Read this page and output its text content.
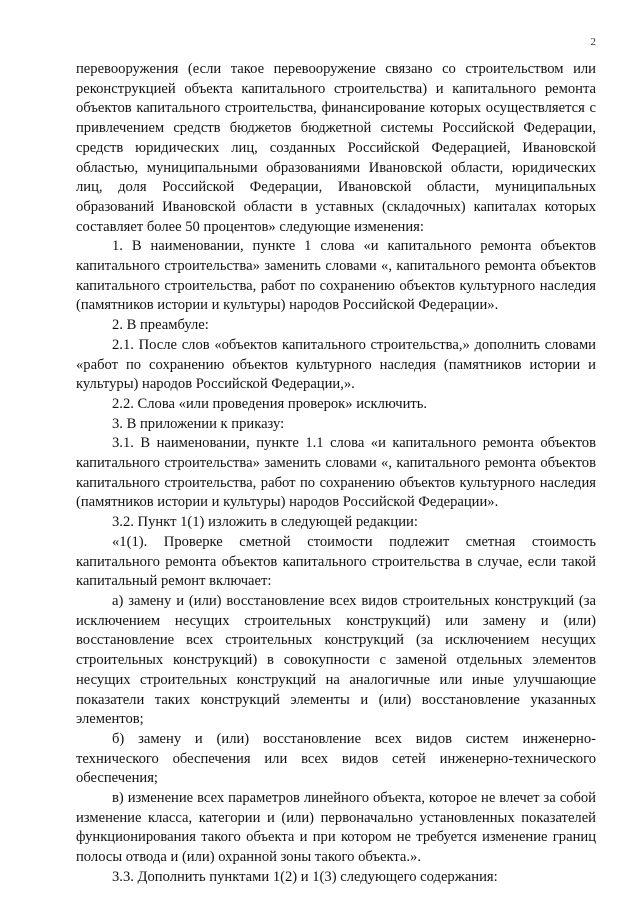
2

перевооружения (если такое перевооружение связано со строительством или реконструкцией объекта капитального строительства) и капитального ремонта объектов капитального строительства, финансирование которых осуществляется с привлечением средств бюджетов бюджетной системы Российской Федерации, средств юридических лиц, созданных Российской Федерацией, Ивановской областью, муниципальными образованиями Ивановской области, юридических лиц, доля Российской Федерации, Ивановской области, муниципальных образований Ивановской области в уставных (складочных) капиталах которых составляет более 50 процентов» следующие изменения:

1. В наименовании, пункте 1 слова «и капитального ремонта объектов капитального строительства» заменить словами «, капитального ремонта объектов капитального строительства, работ по сохранению объектов культурного наследия (памятников истории и культуры) народов Российской Федерации».

2. В преамбуле:

2.1. После слов «объектов капитального строительства,» дополнить словами «работ по сохранению объектов культурного наследия (памятников истории и культуры) народов Российской Федерации,».

2.2. Слова «или проведения проверок» исключить.

3. В приложении к приказу:

3.1. В наименовании, пункте 1.1 слова «и капитального ремонта объектов капитального строительства» заменить словами «, капитального ремонта объектов капитального строительства, работ по сохранению объектов культурного наследия (памятников истории и культуры) народов Российской Федерации».

3.2. Пункт 1(1) изложить в следующей редакции:

«1(1). Проверке сметной стоимости подлежит сметная стоимость капитального ремонта объектов капитального строительства в случае, если такой капитальный ремонт включает:

а) замену и (или) восстановление всех видов строительных конструкций (за исключением несущих строительных конструкций) или замену и (или) восстановление всех строительных конструкций (за исключением несущих строительных конструкций) в совокупности с заменой отдельных элементов несущих строительных конструкций на аналогичные или иные улучшающие показатели таких конструкций элементы и (или) восстановление указанных элементов;

б) замену и (или) восстановление всех видов систем инженерно-технического обеспечения или всех видов сетей инженерно-технического обеспечения;

в) изменение всех параметров линейного объекта, которое не влечет за собой изменение класса, категории и (или) первоначально установленных показателей функционирования такого объекта и при котором не требуется изменение границ полосы отвода и (или) охранной зоны такого объекта.».

3.3. Дополнить пунктами 1(2) и 1(3) следующего содержания:
